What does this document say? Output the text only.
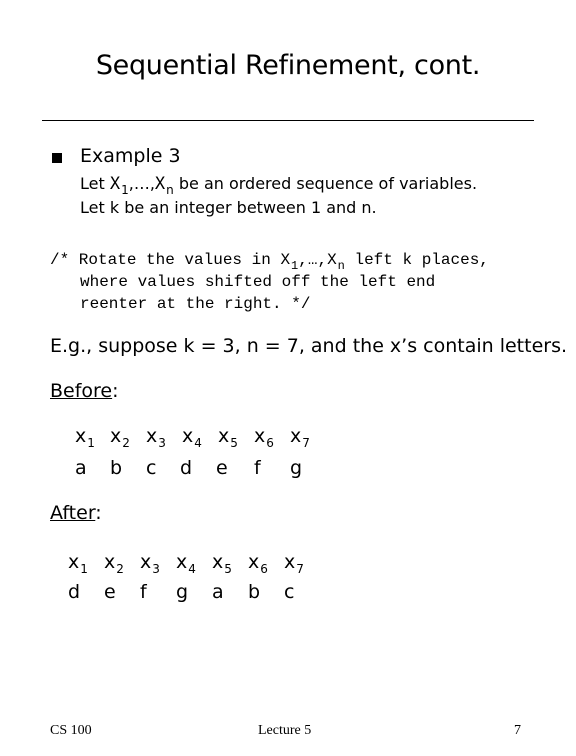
Sequential Refinement, cont.
Example 3
Let $X_1,\dots,X_n$ be an ordered sequence of variables.
Let k be an integer between 1 and n.
/* Rotate the values in $X_1,\dots,X_n$ left k places,
where values shifted off the left end
reenter at the right. */
E.g., suppose k = 3, n = 7, and the x’s contain letters.
Before:
$x_1$ $x_2$ $x_3$ $x_4$ $x_5$ $x_6$ $x_7$
a b c d e f g
After:
$x_1$ $x_2$ $x_3$ $x_4$ $x_5$ $x_6$ $x_7$
d e f g a b c
CS 100	Lecture 5	7
